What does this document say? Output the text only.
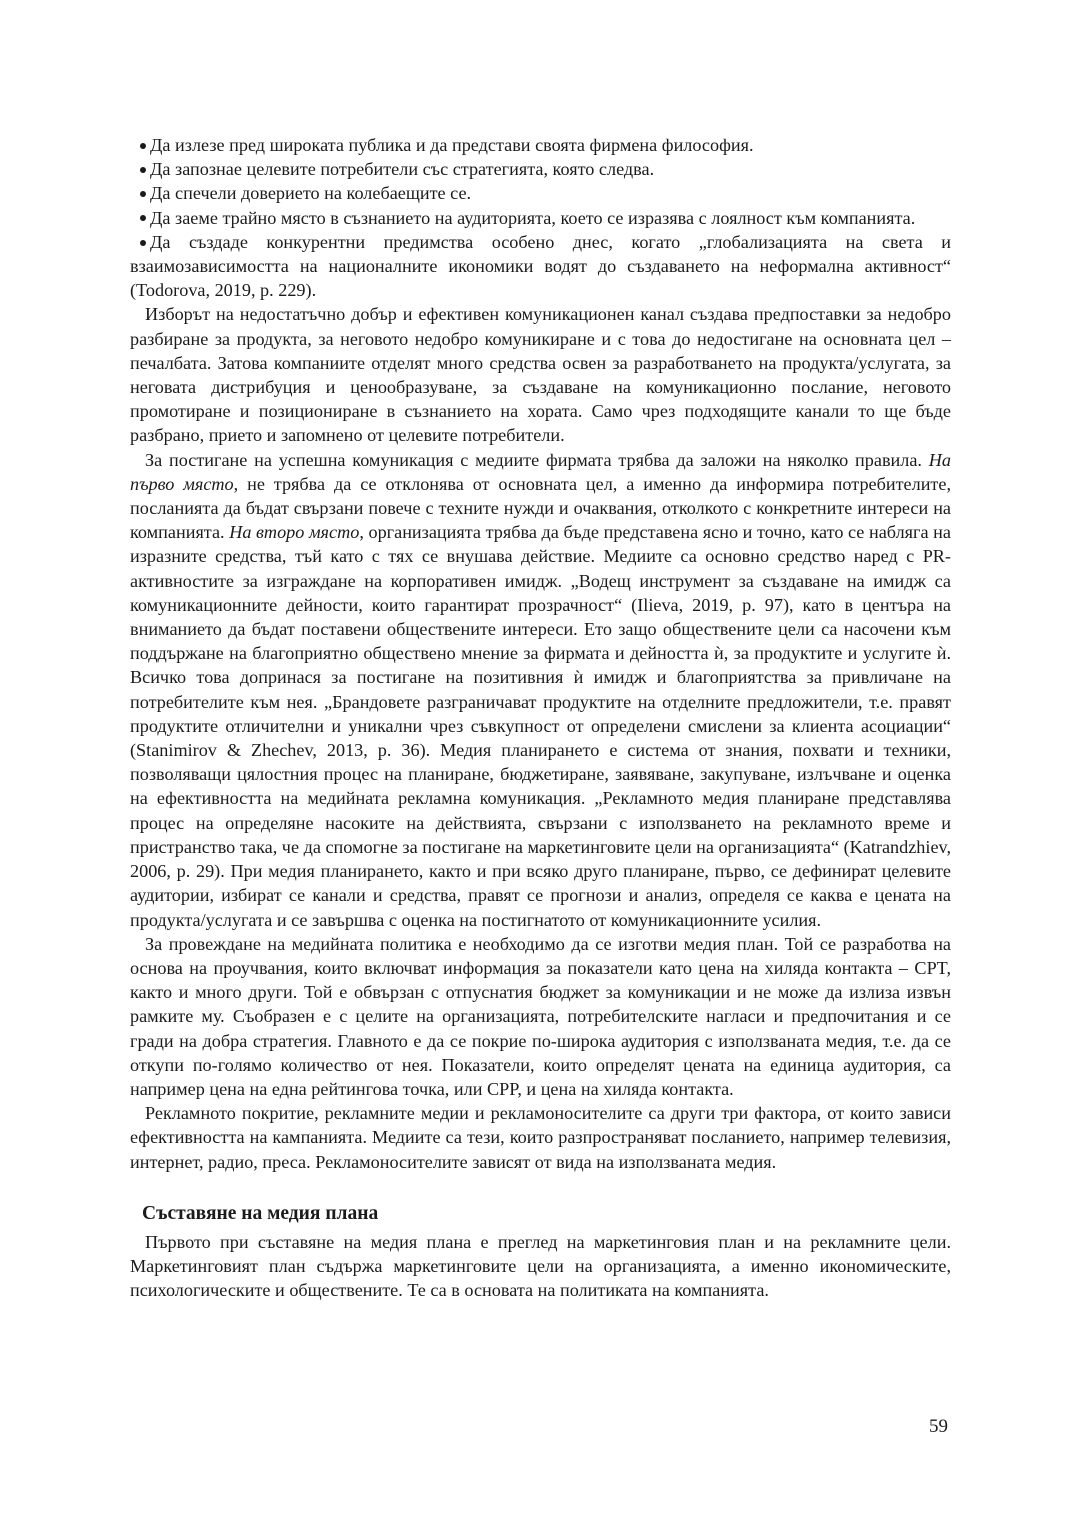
Да излезе пред широката публика и да представи своята фирмена философия.

Да запознае целевите потребители със стратегията, която следва.

Да спечели доверието на колебаещите се.

Да заеме трайно място в съзнанието на аудиторията, което се изразява с лоялност към компанията.

Да създаде конкурентни предимства особено днес, когато „глобализацията на света и взаимозависимостта на националните икономики водят до създаването на неформална активност“ (Todorova, 2019, p. 229).

Изборът на недостатъчно добър и ефективен комуникационен канал създава предпоставки за недобро разбиране за продукта, за неговото недобро комуникиране и с това до недостигане на основната цел – печалбата. Затова компаниите отделят много средства освен за разработването на продукта/услугата, за неговата дистрибуция и ценообразуване, за създаване на комуникационно послание, неговото промотиране и позициониране в съзнанието на хората. Само чрез подходящите канали то ще бъде разбрано, прието и запомнено от целевите потребители.

За постигане на успешна комуникация с медиите фирмата трябва да заложи на няколко правила. На първо място, не трябва да се отклонява от основната цел, а именно да информира потребителите, посланията да бъдат свързани повече с техните нужди и очаквания, отколкото с конкретните интереси на компанията. На второ място, организацията трябва да бъде представена ясно и точно, като се набляга на изразните средства, тъй като с тях се внушава действие. Медиите са основно средство наред с PR-активностите за изграждане на корпоративен имидж. „Водещ инструмент за създаване на имидж са комуникационните дейности, които гарантират прозрачност“ (Ilieva, 2019, p. 97), като в центъра на вниманието да бъдат поставени обществените интереси. Ето защо обществените цели са насочени към поддържане на благоприятно обществено мнение за фирмата и дейността ѝ, за продуктите и услугите ѝ. Всичко това допринася за постигане на позитивния ѝ имидж и благоприятства за привличане на потребителите към нея. „Брандовете разграничават продуктите на отделните предложители, т.е. правят продуктите отличителни и уникални чрез съвкупност от определени смислени за клиента асоциации“ (Stanimirov & Zhechev, 2013, p. 36). Медия планирането е система от знания, похвати и техники, позволяващи цялостния процес на планиране, бюджетиране, заявяване, закупуване, излъчване и оценка на ефективността на медийната рекламна комуникация. „Рекламното медия планиране представлява процес на определяне насоките на действията, свързани с използването на рекламното време и пристранство така, че да спомогне за постигане на маркетинговите цели на организацията“ (Katrandzhiev, 2006, p. 29). При медия планирането, както и при всяко друго планиране, първо, се дефинират целевите аудитории, избират се канали и средства, правят се прогнози и анализ, определя се каква е цената на продукта/услугата и се завършва с оценка на постигнатото от комуникационните усилия.

За провеждане на медийната политика е необходимо да се изготви медия план. Той се разработва на основа на проучвания, които включват информация за показатели като цена на хиляда контакта – CPT, както и много други. Той е обвързан с отпуснатия бюджет за комуникации и не може да излиза извън рамките му. Съобразен е с целите на организацията, потребителските нагласи и предпочитания и се гради на добра стратегия. Главното е да се покрие по-широка аудитория с използваната медия, т.е. да се откупи по-голямо количество от нея. Показатели, които определят цената на единица аудитория, са например цена на една рейтингова точка, или CPP, и цена на хиляда контакта.

Рекламното покритие, рекламните медии и рекламоносителите са други три фактора, от които зависи ефективността на кампанията. Медиите са тези, които разпространяват посланието, например телевизия, интернет, радио, преса. Рекламоносителите зависят от вида на използваната медия.

Съставяне на медия плана

Първото при съставяне на медия плана е преглед на маркетинговия план и на рекламните цели. Маркетинговият план съдържа маркетинговите цели на организацията, а именно икономическите, психологическите и обществените. Те са в основата на политиката на компанията.

59
